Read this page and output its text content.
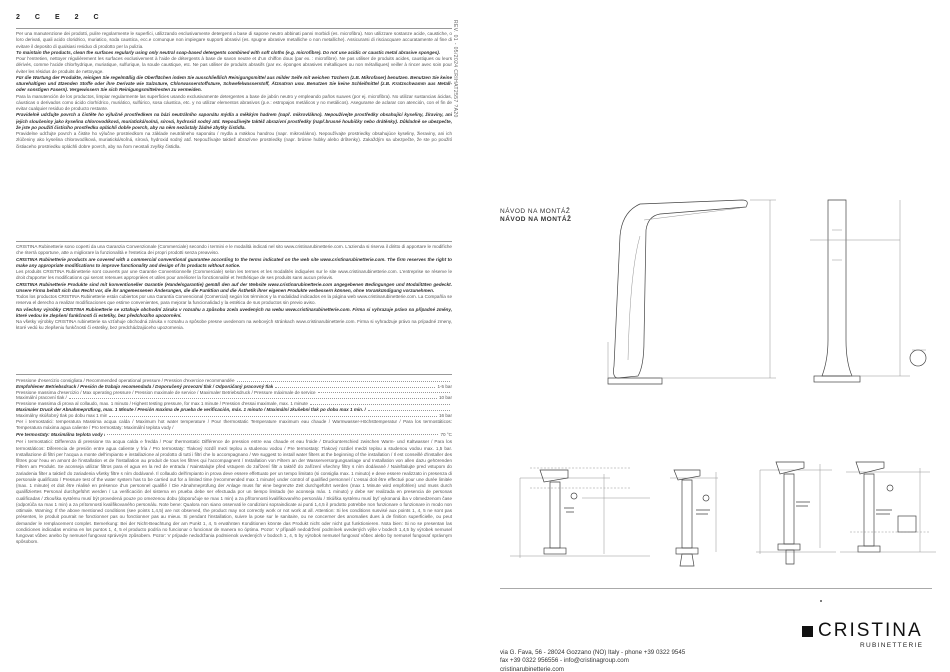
2 C E 2 C

Per una manutenzione dei prodotti, pulire regolarmente le superfici, utilizzando esclusivamente detergenti a base di sapone neutro abbinati panni morbidi (es. microfibra). Non utilizzare sostanze acide, caustiche, o loro derivati, quali acido cloridrico, muriatico, soda caustica, ecc.e comunque non impiegare supporti abrasivi (es. spugne abrasive metalliche o non metalliche). Assicurarsi di risciacquare accuratamente al fine di evitare il deposito di qualsiasi residuo di prodotto per la pulizia.

To maintain the products, clean the surfaces regularly using only neutral soap-based detergents combined with soft cloths (e.g. microfibre). Do not use acidic or caustic metal abrasive sponges).

Pour l'entretien, nettoyer régulièrement les surfaces exclusivement à l'aide de détergents à base de savon neutre et d'un chiffon doux (par ex. : microfibre). Ne pas utiliser de produits acides, caustiques ou leurs dérivés, comme l'acide chlorhydrique, muriatique, sulfurique, la soude caustique, etc. Ne pas utiliser de produits abrasifs (par ex. éponges abrasives métalliques ou non métalliques) veiller à rincer avec soin pour éviter les résidus de produits de nettoyage.

Für die Wartung der Produkte, reinigen Sie regelmäßig die Oberflächen indem Sie ausschließlich Reinigungsmittel aus milder Seife mit weichen Tüchern (z.B. Mikrofaser) benutzen. Benutzen Sie keine säurehaltigen und ätzenden Stoffe oder ihre Derivate wie Salzsäure, Chlorwasserstoffsäure, Schwefelwasserstoff, Ätznatron usw. Benutzen Sie keine Schleifmittel (z.B. Kratzschwamm aus Metall- oder sonstigen Fasern). Vergewissern Sie sich Reinigungsmittelresten zu vermeiden.

Para la manutención de los productos, limpiar regularmente las superficies usando exclusivamente detergentes a base de jabón neutro y empleando paños suaves (por ej. microfibra). No utilizar sustancias ácidas, cáusticas o derivados como ácido clorhídrico, muriático, sulfúrico, sosa cáustica, etc. y no utilizar elementos abrasivos (p.e.: estropajos metálicos y no metálicos). Asegurarse de aclarar con atención, con el fin de evitar cualquier residuo de producto restante.

Pravidelně udržujte povrch a čistěte ho výlučně prostředkem na bázi neutrálního saponátu mýdla a měkkým hadrem (např. mikrovlákno). Nepoužívejte prostředky obsahující kyseliny, žíraviny, ani jejich sloučeniny jako kyselina chlorovodíková, muriatická/solná, sírová, hydroxid sodný atd. Nepoužívejte taktéž abrazivní prostředky (např.brusné houbičky nebo drátěnky). Důkladně se ubezpečte, že jste po použití čisticího prostředku opláchli dobře povrch, aby na něm nezůstaly žádné zbytky čistidla.

Pravidelne udržujte povrch a čistite ho výlučne prostriedkom na základe neutrálneho saponátu / mydla a mäkkou handrou (napr. mikrovlákno). Nepoužívajte prostriedky obsahujúce kyseliny, žieraviny, ani ich zlúčeniny ako kyselina chlorovodíková, muriatická/soľná, sírová, hydroxid sodný atď. Nepoužívajte taktiež abrazívne prostriedky (napr. brúsne hubky alebo drôtenky). Zakaždým sa ubezpečte, že ste po použití čistiaceho prostriedku opláchli dobre povrch, aby na ňom neostali zvyšky čistidla.

CRISTINA Rubinetterie sono coperti da una Garanzia Convenzionale (Commerciale) secondo i termini e le modalità indicati nel sito www.cristinarubinetterie.com. L'azienda si riserva il diritto di apportare le modifiche che riterrà opportune, atte a migliorare la funzionalità e l'estetica dei propri prodotti senza preavviso.

CRISTINA Rubinetterie products are covered with a commercial conventional guarantee according to the terms indicated on the web site www.cristinarubinetterie.com. The firm reserves the right to make any appropriate modifications to improve functionality and design of its products without notice.

Les produits CRISTINA Rubinetterie sont couverts par une Garantie Conventionnelle (Commerciale) selon les termes et les modalités indiquées sur le site www.cristinarubinetterie.com. L'entreprise se réserve le droit d'apporter les modifications qui seront retenues appropriées et utiles pour améliorer la fonctionnalité et l'esthétique de ses produits sans aucun préavis.

CRISTINA Rubinetterie Produkte sind mit konventioneller Garantie (Handelsgarantie) gemäß den auf der Website www.cristinarubinetterie.com angegebenen Bedingungen und Modalitäten gedeckt. Unsere Firma behält sich das Recht vor, die ihr angemessenen Änderungen, die die Funktion und die Ästhetik ihrer eigenen Produkte verbessern können, ohne Vorankündigung vorzunehmen.

Todos los productos CRISTINA Rubinetterie están cubiertos por una Garantía Convencional (Comercial) según los términos y la modalidad indicados en la página web www.cristinarubinetterie.com. La Compañía se reserva el derecho a realizar modificaciones que estime convenientes, para mejorar la funcionalidad y la estética de sus productos sin previo aviso.

Na všechny výrobky CRISTINA Rubinetterie se vztahuje obchodní záruka v rozsahu a způsobu zcela uvedených na webu www.cristinarubinetterie.com. Firma si vyhrazuje právo na případné změny, které vedou ke zlepšení funkčnosti či estetiky, bez předchozího upozornění.

Na všetky výrobky CRISTINA rubinetterie sa vzťahuje obchodná záruka v rozsahu a spôsobe presne uvedenom na webových stránkach www.cristinarubinetterie.com. Firma si vyhradzuje právo na prípadné zmeny, ktoré vedú ku zlepšeniu funkčnosti či estetiky, bez predchádzajúceho upozornenia.

Pressione d'esercizio consigliata / Recommended operational pressure / Pression d'exercice recommandée
Empfohlener Betriebsdruck / Presión de trabajo recomendada / Doporučený provozní tlak / Odporúčaný pracovný tlak	1-5 bar
Pressione massima d'esercizio / Max operating pressure / Pression maximale de service / Maximaler Betriebsdruck / Pressure máximale de service
Maximální pracovní tlak /	10 bar
Pressione massima di prova al collaudo, max. 1 minuto / Highest testing pressure, for max 1 minute / Pression d'essai maximale, max. 1 minute
Maximaler Druck der Abnahmeprüfung, max. 1 Minute / Presión maxima de prueba de verificación, máx. 1 minuto / Maximální zkušební tlak po dobu max 1 min. /
Maximálny skúšobný tlak po dobu max 1 min	16 bar

Per i termostatici: temperatura Massima acqua calda / Maximum hot water temperature / Pour thermostatic Temperature maximum eau chaude / Warmwasser-Höchsttemperatur / Para los termostáticos: Temperatura máxima agua caliente / Pro termostaty: Maximální teplota vody /

Pre termostaty: Maximálna teplota vody /	70 °C
Per i termostatici: Differenza di pressione tra acqua calda e fredda / Pour thermostatic Différence de pression entre eau chaude et eau froide / Druckunterschied zwischen Warm- und Kaltwasser / Para los termostáticos: Diferencia de presión entre agua caliente y fría / Pro termostaty: Tlakový rozdíl mezi teplou a studenou vodou / Pre termostaty: Tlakový rozdiel medzi teplou a studenou vodou max. 1,5 bar. Installazione di filtri per l'acqua a monte dell'impianto e installazione al prodotto di tutti i filtri che lo accompagnano / We suggest to install water filters at the beginning of the installation / Il est conseillé d'installer des filtres pour l'eau en amont de l'installation et de l'installation au produit de tous les filtres qui l'accompagnent / Installation von Filtern an der Wasserversorgungsanlage und Installation von allen dazu gehörenden Filtern am Produkt. Se aconseja utilizar filtros para el agua en la red de entrada / Nainstalujte před vstupem do zařízení filtr a taktéž do zařízení všechny filtry s ním dodávané / Nainštalujte pred vstupom do zariadenia filter a taktiež do zariadenia všetky filtre s ním dodávané. Il collaudo dell'impianto in prova deve essere effettuato per un tempo limitato (si consiglia max. 1 minuto) e deve essere realizzato in presenza di personale qualificato / Pressure test of the water system has to be carried out for a limited time (recommended max 1 minute) under control of qualified personnel / L'essai doit être effectué pour une durée limitée (max. 1 minute) et doit être réalisé en présence d'un personnel qualifié / Die Abnahmeprüfung der Anlage muss für eine begrenzte Zeit durchgeführt werden (max 1 Minute wird empfohlen) und muss durch qualifiziertes Personal durchgeführt werden / La verificación del sistema en prueba debe ser efectuada por un tiempo limitado (se aconseja máx. 1 minuto) y debe ser realizada en presencia de personas cualificadas / Zkouška systému musí být provedená pouze po omezenou dobu (doporučuje se max 1 min) a za přítomnosti kvalifikovaného personálu / Skúška systému musí byť vykonaná iba v obmedzenom čase (odporúča sa max 1 min) a za prítomnosti kvalifikovaného personálu. Note bene: Qualora non siano osservati le condizioni sopraindicate ai punti 1,4,5 il prodotto potrebbe non funzionare o funzionare in modo non ottimale. Warning: If the above mentioned conditions (see points 1,4,5) are not observed, the product may not correctly work or not work at all. Attention: Si les conditions susvisé aux points 1, 4, 5 ne sont pas présentes, le produit pourrait ne fonctionner pas ou fonctionner pas au mieux. Si pendant l'installation, suivre la pose sur le sanitaire, ou ne concerner des anomalies dues à de finition superficielle, ou peut demander le remplacement complet. Bemerkung: Bei der Nicht-Beachtung der am Punkt 1, 4, 5 erwähnten Konditionen könnte das Produkt nicht oder nicht gut funktionieren. Nota bien: Si no se presentan las condiciones indicadas encima en los puntos 1, 4, 5 el producto podría no funcionar o funcionar de manera no óptima. Pozor: V případě nedodržení podmínek uvedených výše v bodech 1,4,5 by výrobek nemusel fungovat vůbec anebo by nemusel fungovat správným způsobem. Pozor: V prípade nedodržania podmienok uvedených v bodoch 1, 4, 5 by výrobok nemusel fungovať vôbec alebo by nemusel fungovať správnym spôsobom.
REV. 01 - 05/2024 CRIHAT2557 ?A20
NÁVOD NA MONTÁŽ
NÁVOD NA MONTÁŽ
via G. Fava, 56 - 28024 Gozzano (NO) Italy - phone +39 0322 9545
fax +39 0322 956556 - info@cristinagroup.com
cristinarubinetterie.com
CRISTINA
RUBINETTERIE
